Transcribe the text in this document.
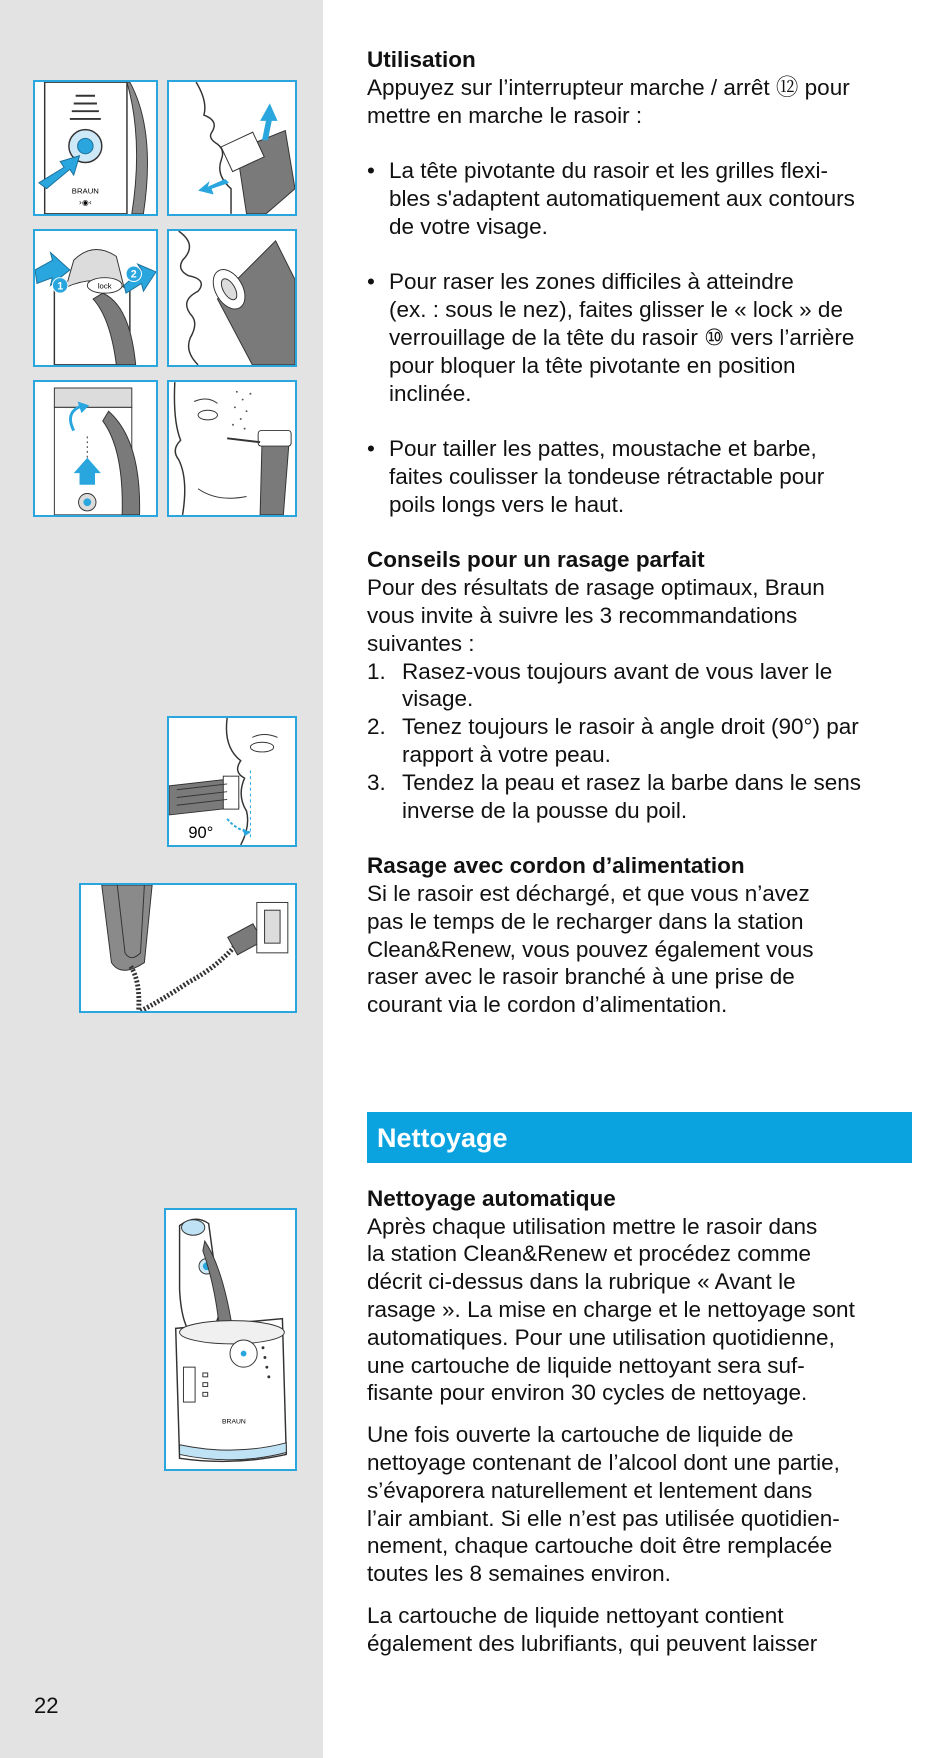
BRAUN
›◉‹
1	lock
2
90°
BRAUN
22

Utilisation

Appuyez sur l’interrupteur marche / arrêt ⑫ pour

mettre en marche le rasoir :

• La tête pivotante du rasoir et les grilles flexi-
bles s'adaptent automatiquement aux contours
de votre visage.
• Pour raser les zones difficiles à atteindre
(ex. : sous le nez), faites glisser le « lock » de
verrouillage de la tête du rasoir ⑩ vers l’arrière
pour bloquer la tête pivotante en position
inclinée.
• Pour tailler les pattes, moustache et barbe,
faites coulisser la tondeuse rétractable pour
poils longs vers le haut.

Conseils pour un rasage parfait

Pour des résultats de rasage optimaux, Braun

vous invite à suivre les 3 recommandations

suivantes :

1. Rasez-vous toujours avant de vous laver le
visage.
2. Tenez toujours le rasoir à angle droit (90°) par
rapport à votre peau.
3. Tendez la peau et rasez la barbe dans le sens
inverse de la pousse du poil.

Rasage avec cordon d’alimentation

Si le rasoir est déchargé, et que vous n’avez

pas le temps de le recharger dans la station

Clean&Renew, vous pouvez également vous

raser avec le rasoir branché à une prise de

courant via le cordon d’alimentation.

Nettoyage

Nettoyage automatique

Après chaque utilisation mettre le rasoir dans

la station Clean&Renew et procédez comme

décrit ci-dessus dans la rubrique « Avant le

rasage ». La mise en charge et le nettoyage sont

automatiques. Pour une utilisation quotidienne,

une cartouche de liquide nettoyant sera suf-

fisante pour environ 30 cycles de nettoyage.

Une fois ouverte la cartouche de liquide de

nettoyage contenant de l’alcool dont une partie,

s’évaporera naturellement et lentement dans

l’air ambiant. Si elle n’est pas utilisée quotidien-

nement, chaque cartouche doit être remplacée

toutes les 8 semaines environ.

La cartouche de liquide nettoyant contient

également des lubrifiants, qui peuvent laisser
